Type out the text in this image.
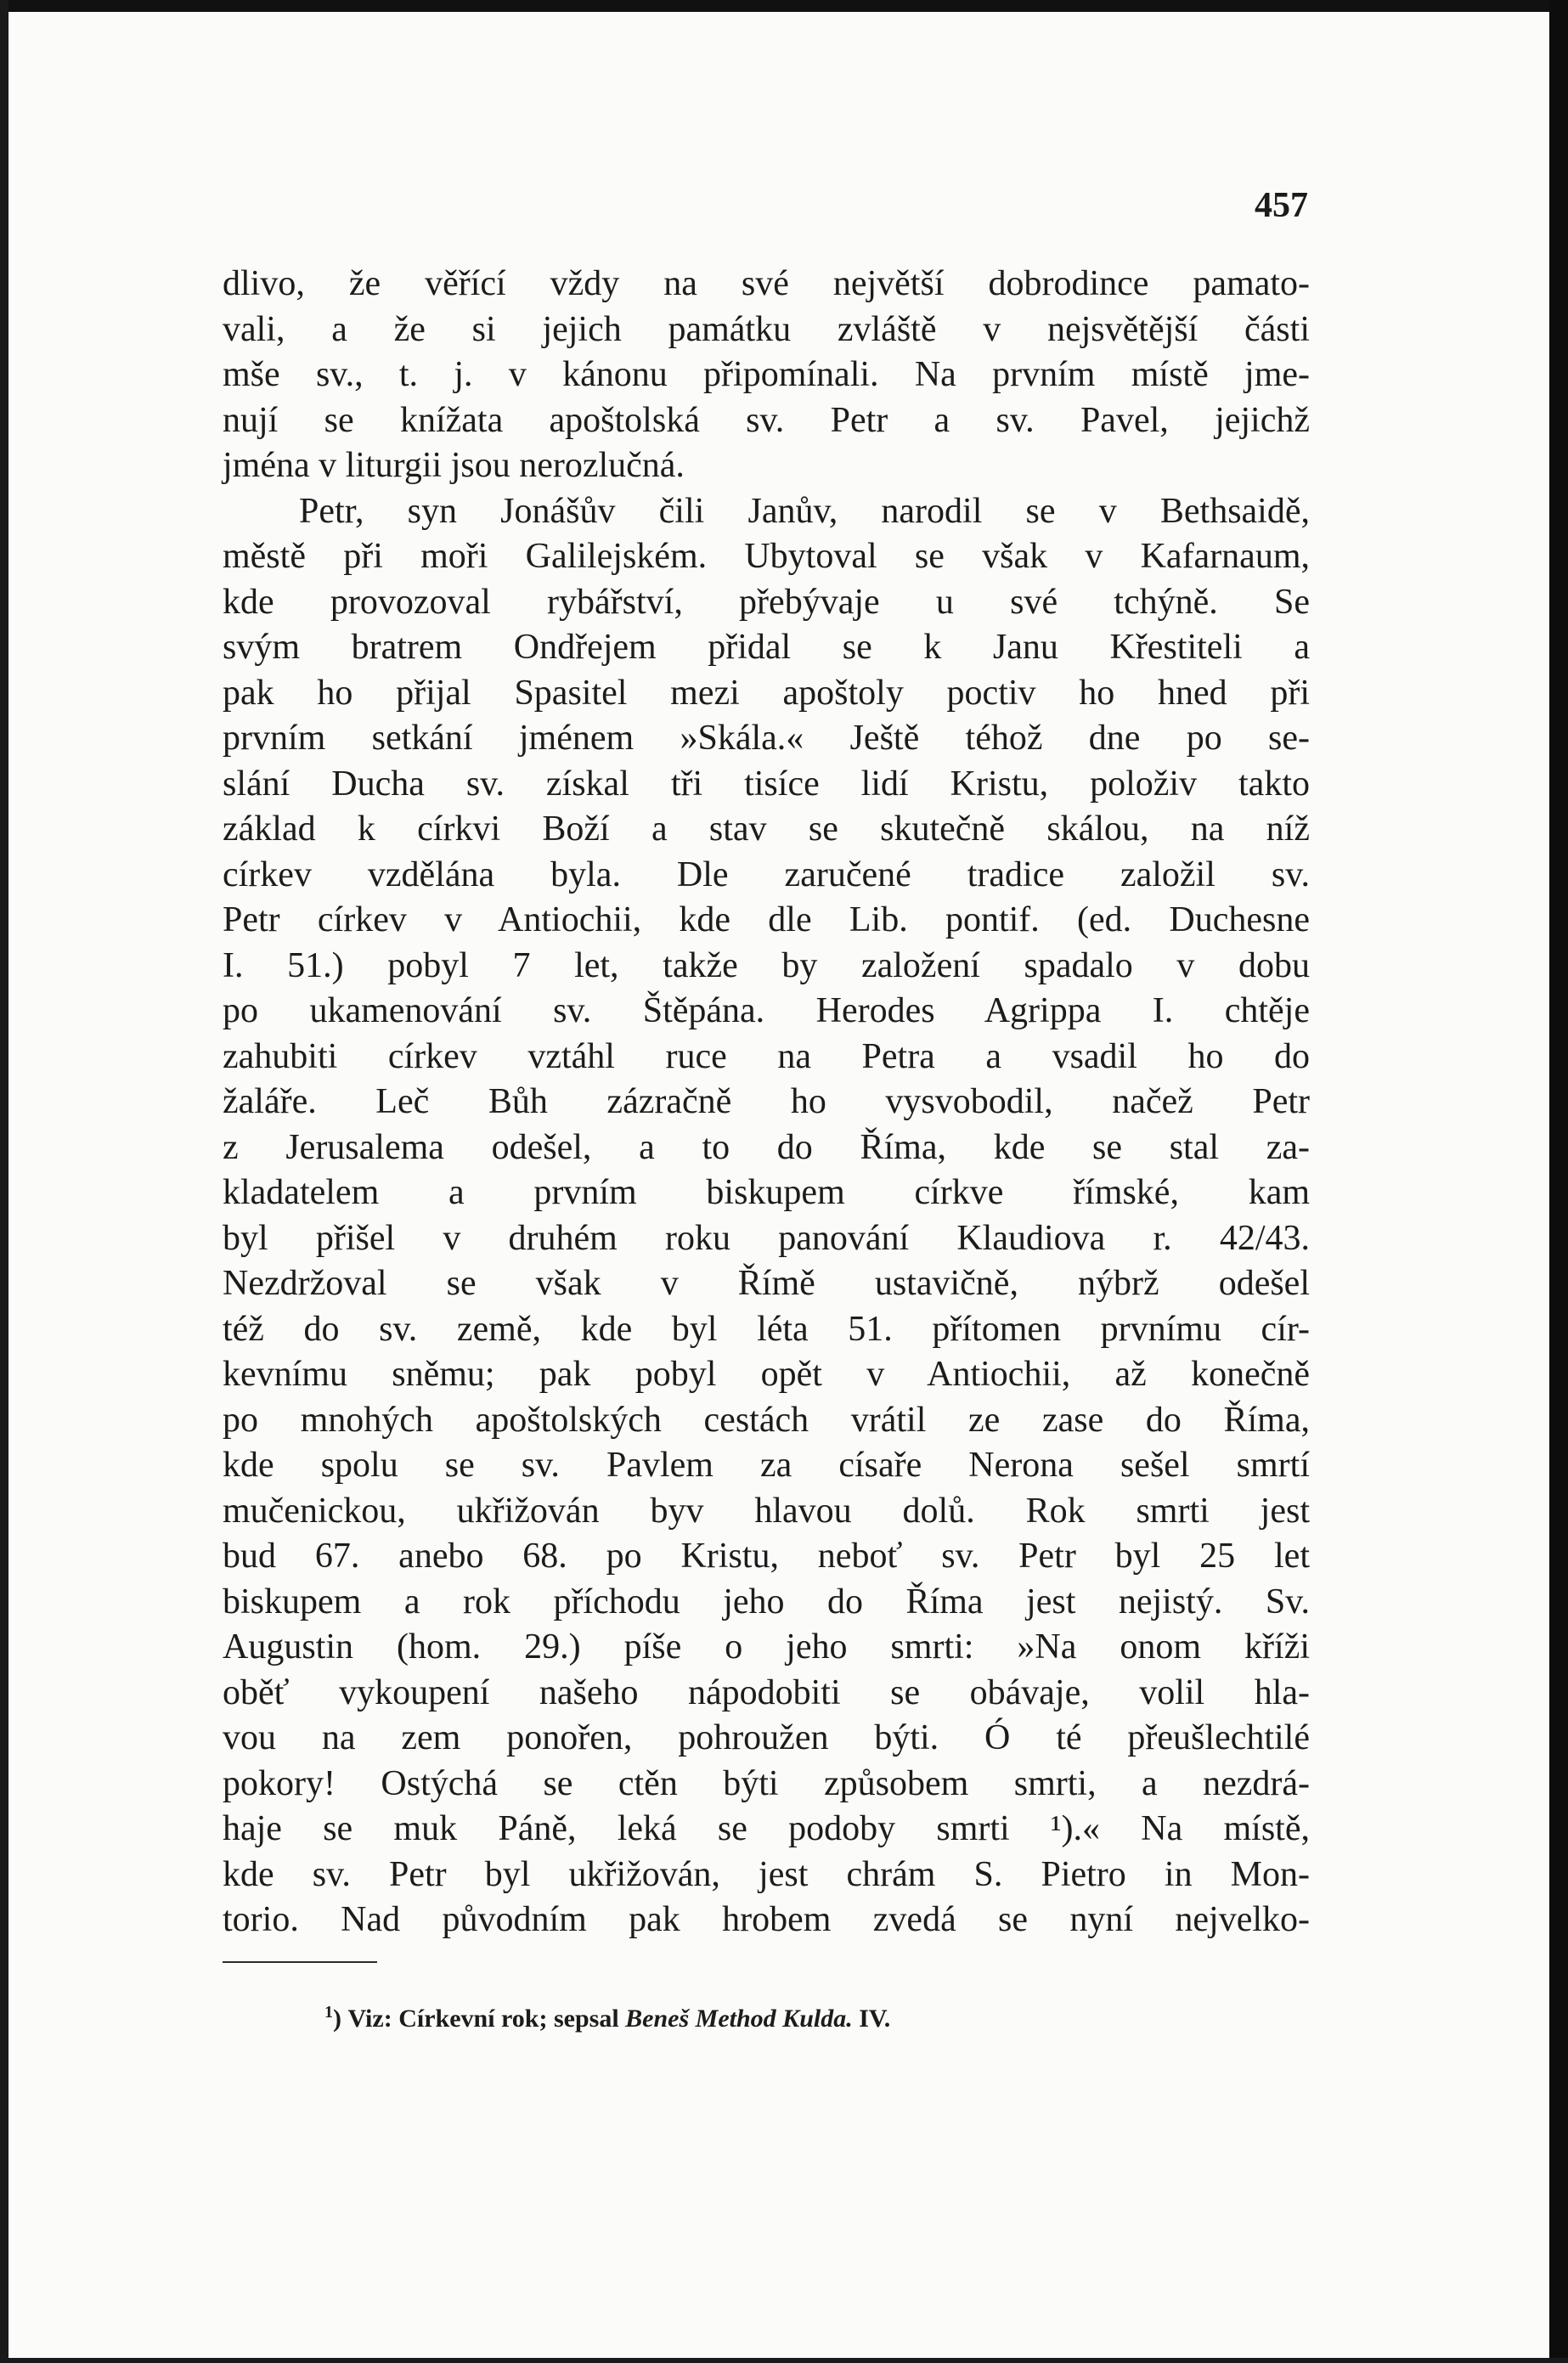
457
dlivo, že věřící vždy na své největší dobrodince pamato-
vali, a že si jejich památku zvláště v nejsvětější části
mše sv., t. j. v kánonu připomínali. Na prvním místě jme-
nují se knížata apoštolská sv. Petr a sv. Pavel, jejichž
jména v liturgii jsou nerozlučná.
Petr, syn Jonášův čili Janův, narodil se v Bethsaidě,
městě při moři Galilejském. Ubytoval se však v Kafarnaum,
kde provozoval rybářství, přebývaje u své tchýně. Se
svým bratrem Ondřejem přidal se k Janu Křestiteli a
pak ho přijal Spasitel mezi apoštoly poctiv ho hned při
prvním setkání jménem »Skála.« Ještě téhož dne po se-
slání Ducha sv. získal tři tisíce lidí Kristu, položiv takto
základ k církvi Boží a stav se skutečně skálou, na níž
církev vzdělána byla. Dle zaručené tradice založil sv.
Petr církev v Antiochii, kde dle Lib. pontif. (ed. Duchesne
I. 51.) pobyl 7 let, takže by založení spadalo v dobu
po ukamenování sv. Štěpána. Herodes Agrippa I. chtěje
zahubiti církev vztáhl ruce na Petra a vsadil ho do
žaláře. Leč Bůh zázračně ho vysvobodil, načež Petr
z Jerusalema odešel, a to do Říma, kde se stal za-
kladatelem a prvním biskupem církve římské, kam
byl přišel v druhém roku panování Klaudiova r. 42/43.
Nezdržoval se však v Římě ustavičně, nýbrž odešel
též do sv. země, kde byl léta 51. přítomen prvnímu cír-
kevnímu sněmu; pak pobyl opět v Antiochii, až konečně
po mnohých apoštolských cestách vrátil ze zase do Říma,
kde spolu se sv. Pavlem za císaře Nerona sešel smrtí
mučenickou, ukřižován byv hlavou dolů. Rok smrti jest
bud 67. anebo 68. po Kristu, neboť sv. Petr byl 25 let
biskupem a rok příchodu jeho do Říma jest nejistý. Sv.
Augustin (hom. 29.) píše o jeho smrti: »Na onom kříži
oběť vykoupení našeho nápodobiti se obávaje, volil hla-
vou na zem ponořen, pohroužen býti. Ó té přeušlechtilé
pokory! Ostýchá se ctěn býti způsobem smrti, a nezdrá-
haje se muk Páně, leká se podoby smrti ¹).« Na místě,
kde sv. Petr byl ukřižován, jest chrám S. Pietro in Mon-
torio. Nad původním pak hrobem zvedá se nyní nejvelko-
$^1$) Viz: Církevní rok; sepsal Beneš Method Kulda. IV.
